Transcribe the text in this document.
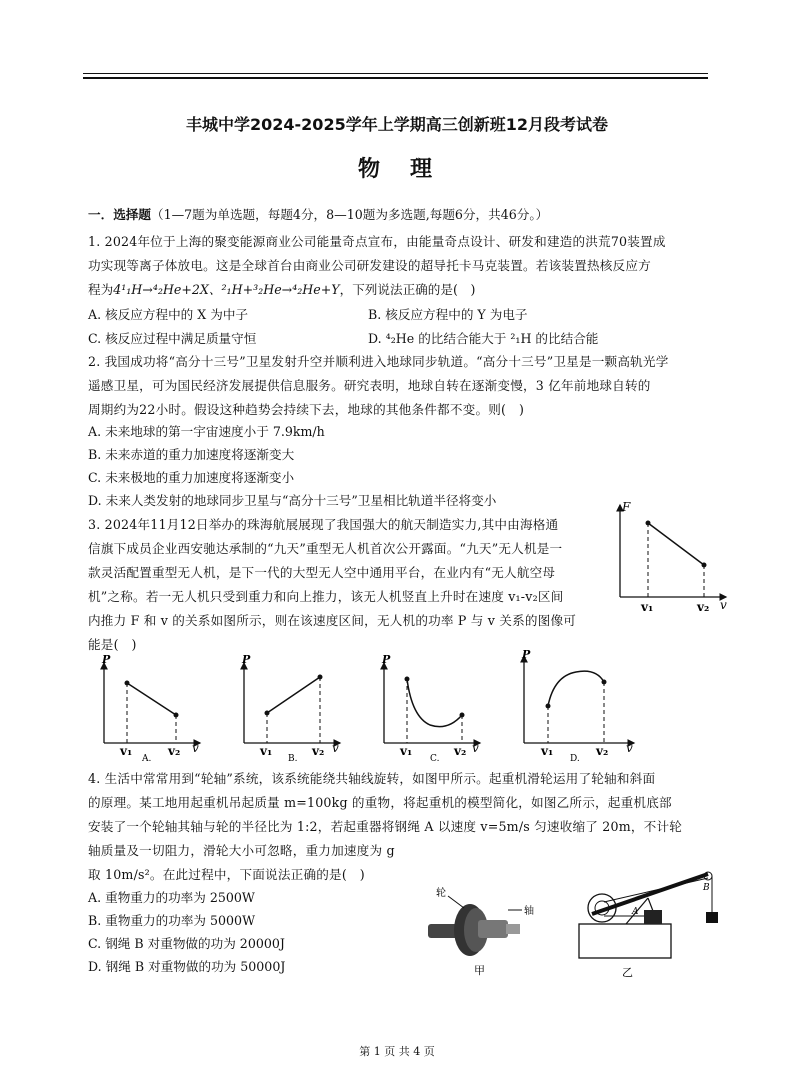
丰城中学2024-2025学年上学期高三创新班12月段考试卷
物　理
一．选择题（1—7题为单选题，每题4分，8—10题为多选题,每题6分，共46分。）
1. 2024年位于上海的聚变能源商业公司能量奇点宣布，由能量奇点设计、研发和建造的洪荒70装置成
功实现等离子体放电。这是全球首台由商业公司研发建设的超导托卡马克装置。若该装置热核反应方
程为4¹₁H→⁴₂He+2X、²₁H+³₂He→⁴₂He+Y，下列说法正确的是(　)
A. 核反应方程中的 X 为中子	B. 核反应方程中的 Y 为电子
C. 核反应过程中满足质量守恒	D. ⁴₂He 的比结合能大于 ²₁H 的比结合能
2. 我国成功将“高分十三号”卫星发射升空并顺利进入地球同步轨道。“高分十三号”卫星是一颗高轨光学
遥感卫星，可为国民经济发展提供信息服务。研究表明，地球自转在逐渐变慢，3 亿年前地球自转的
周期约为22小时。假设这种趋势会持续下去，地球的其他条件都不变。则(　)
A. 未来地球的第一宇宙速度小于 7.9km/h
B. 未来赤道的重力加速度将逐渐变大
C. 未来极地的重力加速度将逐渐变小
D. 未来人类发射的地球同步卫星与“高分十三号”卫星相比轨道半径将变小
3. 2024年11月12日举办的珠海航展展现了我国强大的航天制造实力,其中由海格通
信旗下成员企业西安驰达承制的“九天”重型无人机首次公开露面。“九天”无人机是一
款灵活配置重型无人机，是下一代的大型无人空中通用平台，在业内有“无人航空母
机”之称。若一无人机只受到重力和向上推力，该无人机竖直上升时在速度 v₁-v₂区间
内推力 F 和 v 的关系如图所示，则在该速度区间，无人机的功率 P 与 v 关系的图像可
能是(　)
F
v
v₁	v₂
P
v
v₁
A.
v₂
P
v
v₁
B.
v₂
P
v
v₁
C.
v₂
P
v
v₁
D.
v₂
4. 生活中常常用到“轮轴”系统，该系统能绕共轴线旋转，如图甲所示。起重机滑轮运用了轮轴和斜面
的原理。某工地用起重机吊起质量 m=100kg 的重物，将起重机的模型简化，如图乙所示，起重机底部
安装了一个轮轴其轴与轮的半径比为 1:2，若起重器将钢绳 A 以速度 v=5m/s 匀速收缩了 20m，不计轮
轴质量及一切阻力，滑轮大小可忽略，重力加速度为 g
取 10m/s²。在此过程中，下面说法正确的是(　)
A. 重物重力的功率为 2500W
B. 重物重力的功率为 5000W
C. 钢绳 B 对重物做的功为 20000J
D. 钢绳 B 对重物做的功为 50000J
轮
轴
甲
A
B
乙
第 1 页 共 4 页
